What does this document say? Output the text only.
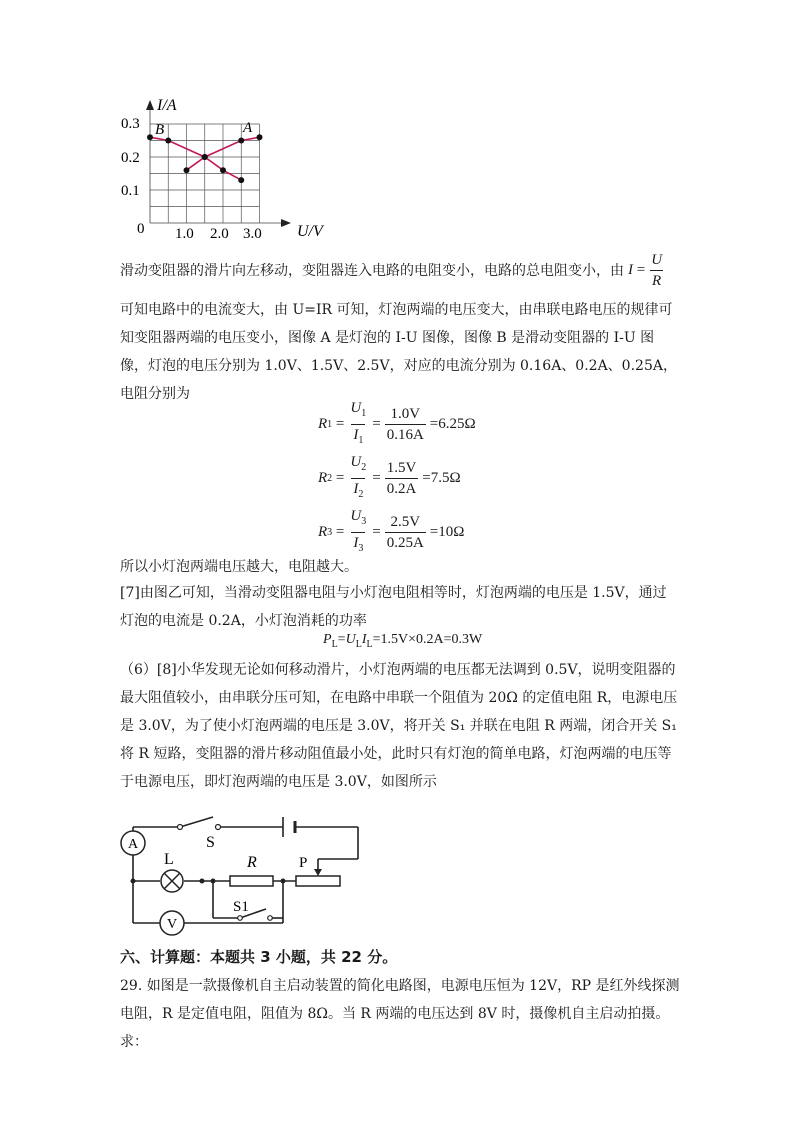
I/A
U/V
0
0.3
0.2
0.1
1.0 2.0 3.0
B	A
滑动变阻器的滑片向左移动，变阻器连入电路的电阻变小，电路的总电阻变小，由 $I = \frac{U}{R}$

可知电路中的电流变大，由 U=IR 可知，灯泡两端的电压变大，由串联电路电压的规律可知变阻器两端的电压变小，图像 A 是灯泡的 I-U 图像，图像 B 是滑动变阻器的 I-U 图像，灯泡的电压分别为 1.0V、1.5V、2.5V，对应的电流分别为 0.16A、0.2A、0.25A，电阻分别为

R $1 = \frac{U_1}{I_1} = \frac{1.0V}{0.16A} =6.25\Omega$
R $2 = \frac{U_2}{I_2} = \frac{1.5V}{0.2A} =7.5\Omega$
R $3 = \frac{U_3}{I_3} = \frac{2.5V}{0.25A} =10\Omega$

所以小灯泡两端电压越大，电阻越大。

[7]由图乙可知，当滑动变阻器电阻与小灯泡电阻相等时，灯泡两端的电压是 1.5V，通过灯泡的电流是 0.2A，小灯泡消耗的功率

$P_L=U_LI_L=1.5V\times 0.2A=0.3W$

（6）[8]小华发现无论如何移动滑片，小灯泡两端的电压都无法调到 0.5V，说明变阻器的最大阻值较小，由串联分压可知，在电路中串联一个阻值为 20Ω 的定值电阻 R，电源电压是 3.0V，为了使小灯泡两端的电压是 3.0V，将开关 S₁ 并联在电阻 R 两端，闭合开关 S₁将 R 短路，变阻器的滑片移动阻值最小处，此时只有灯泡的简单电路，灯泡两端的电压等于电源电压，即灯泡两端的电压是 3.0V，如图所示

S
A
L	R	P
V
S1
六、计算题：本题共 3 小题，共 22 分。

29. 如图是一款摄像机自主启动装置的简化电路图，电源电压恒为 12V，RP 是红外线探测电阻，R 是定值电阻，阻值为 8Ω。当 R 两端的电压达到 8V 时，摄像机自主启动拍摄。求：
